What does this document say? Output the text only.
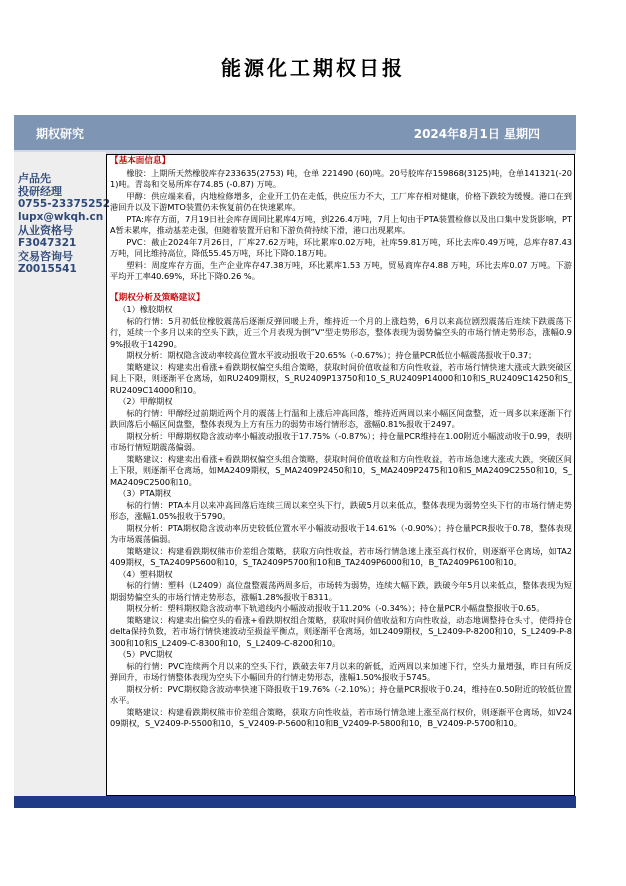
能源化工期权日报
期权研究	2024年8月1日 星期四
卢品先
投研经理
0755-23375252
lupx@wkqh.cn
从业资格号
F3047321
交易咨询号
Z0015541

【基本面信息】

橡胶：上期所天然橡胶库存233635(2753) 吨，仓单 221490 (60)吨。20号胶库存159868(3125)吨，仓单141321(-201)吨。青岛和交易所库存74.85 (-0.87) 万吨。

甲醇：供应端来看，内地检修增多，企业开工仍在走低，供应压力不大，工厂库存相对健康，价格下跌较为缓慢。港口在到港回升以及下游MTO装置仍未恢复前仍在快速累库。

PTA:库存方面，7月19日社会库存周同比累库4万吨，到226.4万吨，7月上旬由于PTA装置检修以及出口集中发货影响，PTA暂未累库，推动基差走强，但随着装置开启和下游负荷持续下滑，港口出现累库。

PVC：截止2024年7月26日，厂库27.62万吨，环比累库0.02万吨，社库59.81万吨，环比去库0.49万吨，总库存87.43万吨，同比维持高位，降低55.45万吨，环比下降0.18万吨。

塑料：周度库存方面，生产企业库存47.38万吨，环比累库1.53 万吨，贸易商库存4.88 万吨，环比去库0.07 万吨。下游平均开工率40.69%，环比下降0.26 %。

【期权分析及策略建议】

（1）橡胶期权

标的行情：5月初低位橡胶震荡后逐渐反弹回暖上升，维持近一个月的上涨趋势，6月以来高位剧烈震荡后连续下跌震荡下行，延续一个多月以来的空头下跌，近三个月表现为倒”V“型走势形态，整体表现为弱势偏空头的市场行情走势形态，涨幅0.99%报收于14290。

期权分析：期权隐含波动率较高位置水平波动报收于20.65%（-0.67%）；持仓量PCR低位小幅震荡报收于0.37；

策略建议：构建卖出看涨+看跌期权偏空头组合策略，获取时间价值收益和方向性收益，若市场行情快速大涨或大跌突破区间上下限，则逐渐平仓离场，如RU2409期权，S_RU2409P13750和10_S_RU2409P14000和10和S_RU2409C14250和S_RU2409C14000和10。

（2）甲醇期权

标的行情：甲醇经过前期近两个月的震荡上行温和上涨后冲高回落，维持近两周以来小幅区间盘整，近一周多以来逐渐下行跌回落后小幅区间盘整，整体表现为上方有压力的弱势市场行情形态，涨幅0.81%报收于2497。

期权分析：甲醇期权隐含波动率小幅波动报收于17.75%（-0.87%）；持仓量PCR维持在1.00附近小幅波动收于0.99，表明市场行情短期震荡偏弱。

策略建议：构建卖出看涨+看跌期权偏空头组合策略，获取时间价值收益和方向性收益，若市场急速大涨或大跌，突破区间上下限，则逐渐平仓离场，如MA2409期权，S_MA2409P2450和10，S_MA2409P2475和10和S_MA2409C2550和10，S_MA2409C2500和10。

（3）PTA期权

标的行情：PTA本月以来冲高回落后连续三周以来空头下行，跌破5月以来低点，整体表现为弱势空头下行的市场行情走势形态，涨幅1.05%报收于5790。

期权分析：PTA期权隐含波动率历史较低位置水平小幅波动报收于14.61%（-0.90%）；持仓量PCR报收于0.78，整体表现为市场震荡偏弱。

策略建议：构建看跌期权熊市价差组合策略，获取方向性收益，若市场行情急速上涨至高行权价，则逐渐平仓离场，如TA2409期权，S_TA2409P5600和10，S_TA2409P5700和10和B_TA2409P6000和10，B_TA2409P6100和10。

（4）塑料期权

标的行情：塑料（L2409）高位盘整震荡两周多后，市场转为弱势，连续大幅下跌，跌破今年5月以来低点，整体表现为短期弱势偏空头的市场行情走势形态，涨幅1.28%报收于8311。

期权分析：塑料期权隐含波动率下轨道线内小幅波动报收于11.20%（-0.34%）；持仓量PCR小幅盘整报收于0.65。

策略建议：构建卖出偏空头的看涨+看跌期权组合策略，获取时间价值收益和方向性收益，动态地调整持仓头寸，使得持仓delta保持负数，若市场行情快速波动至损益平衡点，则逐渐平仓离场，如L2409期权，S_L2409-P-8200和10，S_L2409-P-8300和10和S_L2409-C-8300和10，S_L2409-C-8200和10。

（5）PVC期权

标的行情：PVC连续两个月以来的空头下行，跌破去年7月以来的新低，近两周以来加速下行，空头力量增强，昨日有所反弹回升，市场行情整体表现为空头下小幅回升的行情走势形态，涨幅1.50%报收于5745。

期权分析：PVC期权隐含波动率快速下降报收于19.76%（-2.10%）；持仓量PCR报收于0.24，维持在0.50附近的较低位置水平。

策略建议：构建看跌期权熊市价差组合策略，获取方向性收益，若市场行情急速上涨至高行权价，则逐渐平仓离场，如V2409期权，S_V2409-P-5500和10，S_V2409-P-5600和10和B_V2409-P-5800和10，B_V2409-P-5700和10。
